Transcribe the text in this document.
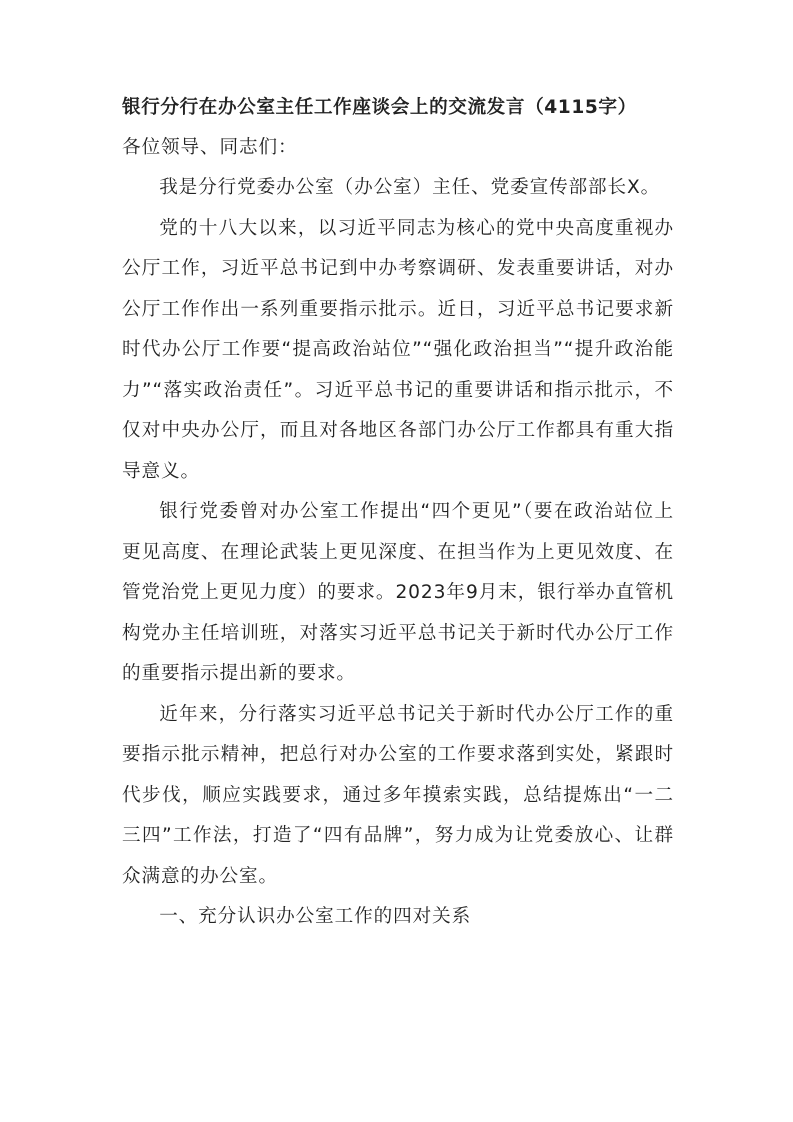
银行分行在办公室主任工作座谈会上的交流发言（4115字）
各位领导、同志们：

我是分行党委办公室（办公室）主任、党委宣传部部长X。

党的十八大以来，以习近平同志为核心的党中央高度重视办公厅工作，习近平总书记到中办考察调研、发表重要讲话，对办公厅工作作出一系列重要指示批示。近日，习近平总书记要求新时代办公厅工作要“提高政治站位”“强化政治担当”“提升政治能力”“落实政治责任”。习近平总书记的重要讲话和指示批示，不仅对中央办公厅，而且对各地区各部门办公厅工作都具有重大指导意义。

银行党委曾对办公室工作提出“四个更见”（要在政治站位上更见高度、在理论武装上更见深度、在担当作为上更见效度、在管党治党上更见力度）的要求。2023年9月末，银行举办直管机构党办主任培训班，对落实习近平总书记关于新时代办公厅工作的重要指示提出新的要求。

近年来，分行落实习近平总书记关于新时代办公厅工作的重要指示批示精神，把总行对办公室的工作要求落到实处，紧跟时代步伐，顺应实践要求，通过多年摸索实践，总结提炼出“一二三四”工作法，打造了“四有品牌”，努力成为让党委放心、让群众满意的办公室。

一、充分认识办公室工作的四对关系
